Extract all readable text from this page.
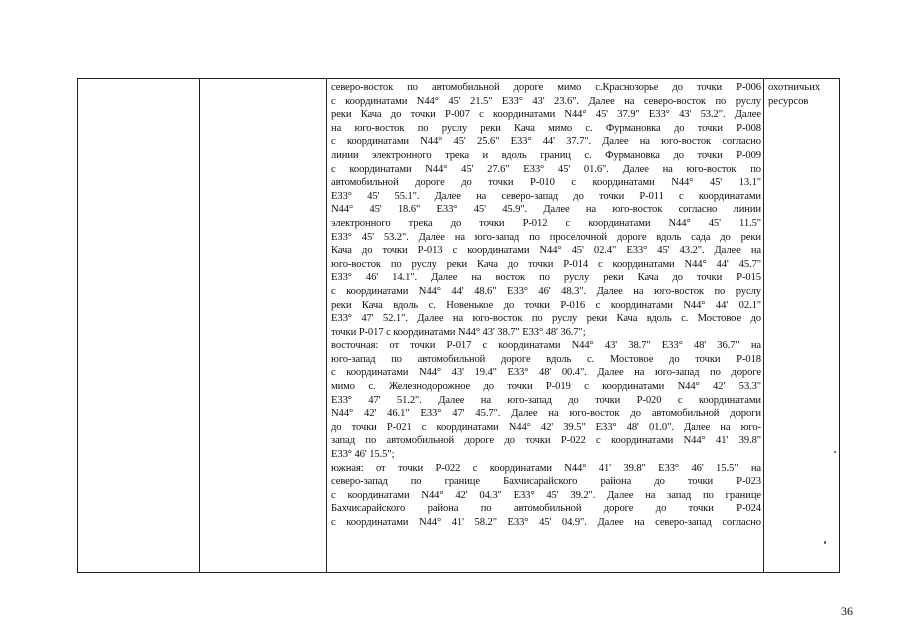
северо-восток по автомобильной дороге мимо с.Краснозорье до точки Р-006

с координатами N44° 45' 21.5" E33° 43' 23.6". Далее на северо-восток по руслу

реки Кача до точки Р-007 с координатами N44° 45' 37.9" E33° 43' 53.2". Далее

на юго-восток по руслу реки Кача мимо с. Фурмановка до точки Р-008

с координатами N44° 45' 25.6" E33° 44' 37.7". Далее на юго-восток согласно

линии электронного трека и вдоль границ с. Фурмановка до точки Р-009

с координатами N44° 45' 27.6" E33° 45' 01.6". Далее на юго-восток по

автомобильной дороге до точки Р-010 с координатами N44° 45' 13.1"

E33° 45' 55.1". Далее на северо-запад до точки Р-011 с координатами

N44° 45' 18.6" E33° 45' 45.9". Далее на юго-восток согласно линии

электронного трека до точки Р-012 с координатами N44° 45' 11.5"

E33° 45' 53.2". Далее на юго-запад по проселочной дороге вдоль сада до реки

Кача до точки Р-013 с координатами N44° 45' 02.4" E33° 45' 43.2". Далее на

юго-восток по руслу реки Кача до точки Р-014 с координатами N44° 44' 45.7"

E33° 46' 14.1". Далее на восток по руслу реки Кача до точки Р-015

с координатами N44° 44' 48.6" E33° 46' 48.3". Далее на юго-восток по руслу

реки Кача вдоль с. Новенькое до точки Р-016 с координатами N44° 44' 02.1"

E33° 47' 52.1". Далее на юго-восток по руслу реки Кача вдоль с. Мостовое до

точки Р-017 с координатами N44° 43' 38.7" E33° 48' 36.7";

восточная: от точки Р-017 с координатами N44° 43' 38.7" E33° 48' 36.7" на

юго-запад по автомобильной дороге вдоль с. Мостовое до точки Р-018

с координатами N44° 43' 19.4" E33° 48' 00.4". Далее на юго-запад по дороге

мимо с. Железнодорожное до точки Р-019 с координатами N44° 42' 53.3"

E33° 47' 51.2". Далее на юго-запад до точки Р-020 с координатами

N44° 42' 46.1" E33° 47' 45.7". Далее на юго-восток до автомобильной дороги

до точки Р-021 с координатами N44° 42' 39.5" E33° 48' 01.0". Далее на юго-

запад по автомобильной дороге до точки Р-022 с координатами N44° 41' 39.8"

E33° 46' 15.5";

южная: от точки Р-022 с координатами N44° 41' 39.8" E33° 46' 15.5" на

северо-запад по границе Бахчисарайского района до точки Р-023

с координатами N44° 42' 04.3" E33° 45' 39.2". Далее на запад по границе

Бахчисарайского района по автомобильной дороге до точки Р-024

с координатами N44° 41' 58.2" E33° 45' 04.9". Далее на северо-запад согласно

охотничьих

ресурсов

36
